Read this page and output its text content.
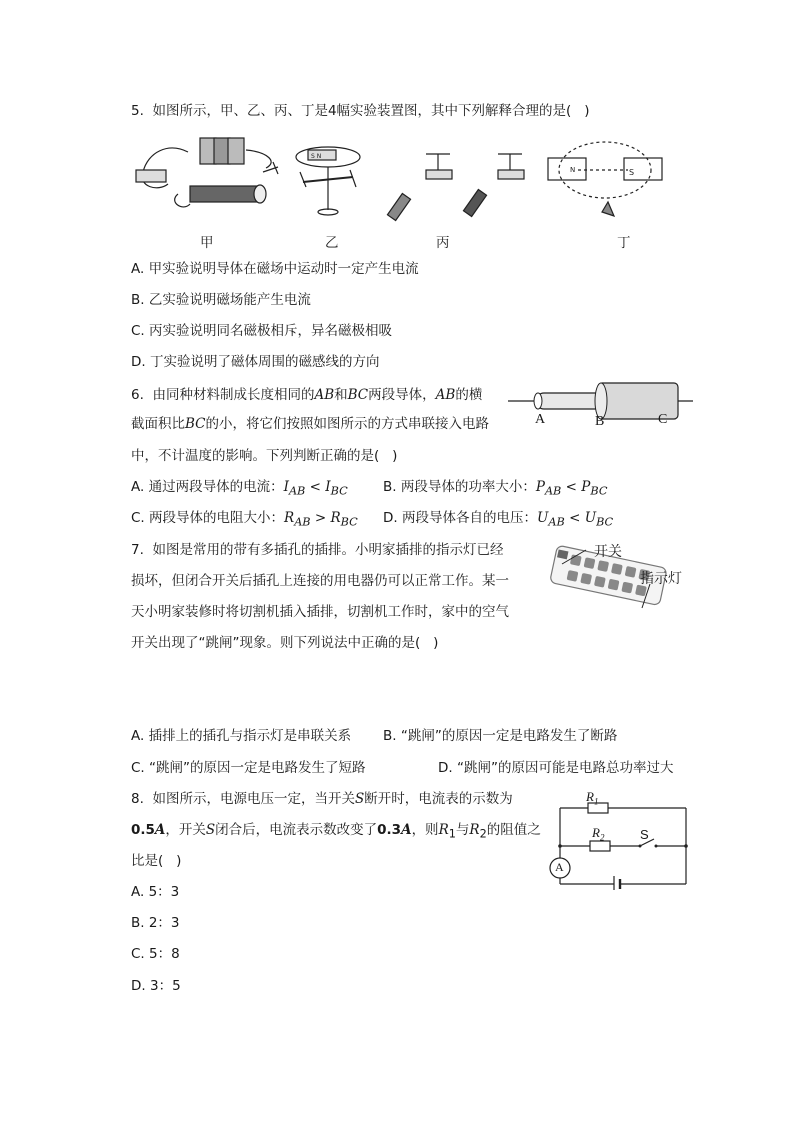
5.  如图所示，甲、乙、丙、丁是4幅实验装置图，其中下列解释合理的是(   )
S N
N	S
甲	乙	丙	丁
A. 甲实验说明导体在磁场中运动时一定产生电流
B. 乙实验说明磁场能产生电流
C. 丙实验说明同名磁极相斥，异名磁极相吸
D. 丁实验说明了磁体周围的磁感线的方向
6.  由同种材料制成长度相同的AB和BC两段导体，AB的横
截面积比BC的小，将它们按照如图所示的方式串联接入电路
中，不计温度的影响。下列判断正确的是(   )
A	B	C
A. 通过两段导体的电流：$I_{AB} < I_{BC}$	B. 两段导体的功率大小：$P_{AB} < P_{BC}$
C. 两段导体的电阻大小：$R_{AB} > R_{BC}$ D. 两段导体各自的电压：$U_{AB} < U_{BC}$
7.  如图是常用的带有多插孔的插排。小明家插排的指示灯已经
损坏，但闭合开关后插孔上连接的用电器仍可以正常工作。某一
天小明家装修时将切割机插入插排，切割机工作时，家中的空气
开关出现了“跳闸”现象。则下列说法中正确的是(   )
开关
指示灯
A. 插排上的插孔与指示灯是串联关系 B. “跳闸”的原因一定是电路发生了断路
C. “跳闸”的原因一定是电路发生了短路	D. “跳闸”的原因可能是电路总功率过大
8.  如图所示，电源电压一定，当开关S断开时，电流表的示数为
0.5A，开关S闭合后，电流表示数改变了0.3A，则$R_1$与$R_2$的阻值之
比是(   )
$R_1$
$R_2$	S
A
A. 5：3
B. 2：3
C. 5：8
D. 3：5
